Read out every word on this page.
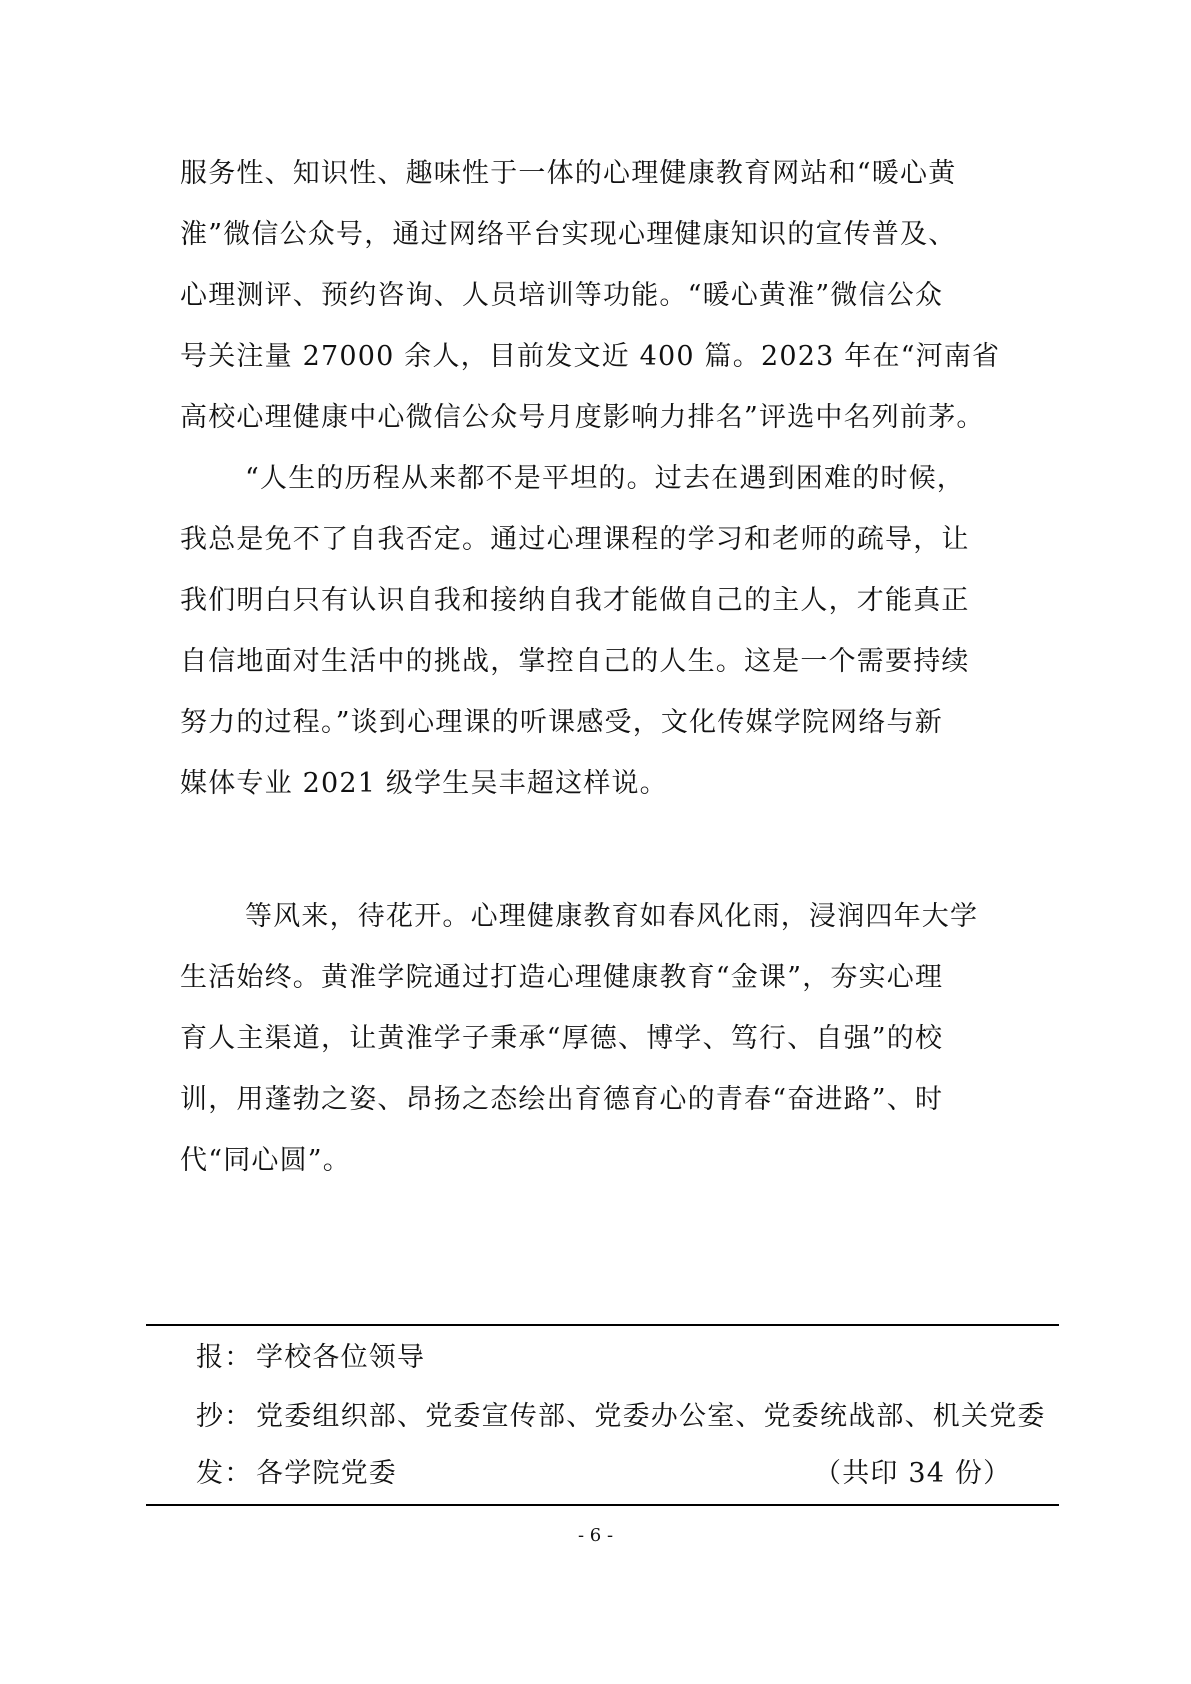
服务性、知识性、趣味性于一体的心理健康教育网站和“暖心黄
淮”微信公众号，通过网络平台实现心理健康知识的宣传普及、
心理测评、预约咨询、人员培训等功能。“暖心黄淮”微信公众
号关注量 27000 余人，目前发文近 400 篇。2023 年在“河南省
高校心理健康中心微信公众号月度影响力排名”评选中名列前茅。
“人生的历程从来都不是平坦的。过去在遇到困难的时候，
我总是免不了自我否定。通过心理课程的学习和老师的疏导，让
我们明白只有认识自我和接纳自我才能做自己的主人，才能真正
自信地面对生活中的挑战，掌控自己的人生。这是一个需要持续
努力的过程。”谈到心理课的听课感受，文化传媒学院网络与新
媒体专业 2021 级学生吴丰超这样说。
等风来，待花开。心理健康教育如春风化雨，浸润四年大学
生活始终。黄淮学院通过打造心理健康教育“金课”，夯实心理
育人主渠道，让黄淮学子秉承“厚德、博学、笃行、自强”的校
训，用蓬勃之姿、昂扬之态绘出育德育心的青春“奋进路”、时
代“同心圆”。
报： 学校各位领导
抄： 党委组织部、党委宣传部、党委办公室、党委统战部、机关党委
发： 各学院党委	（共印 34 份）
- 6 -
